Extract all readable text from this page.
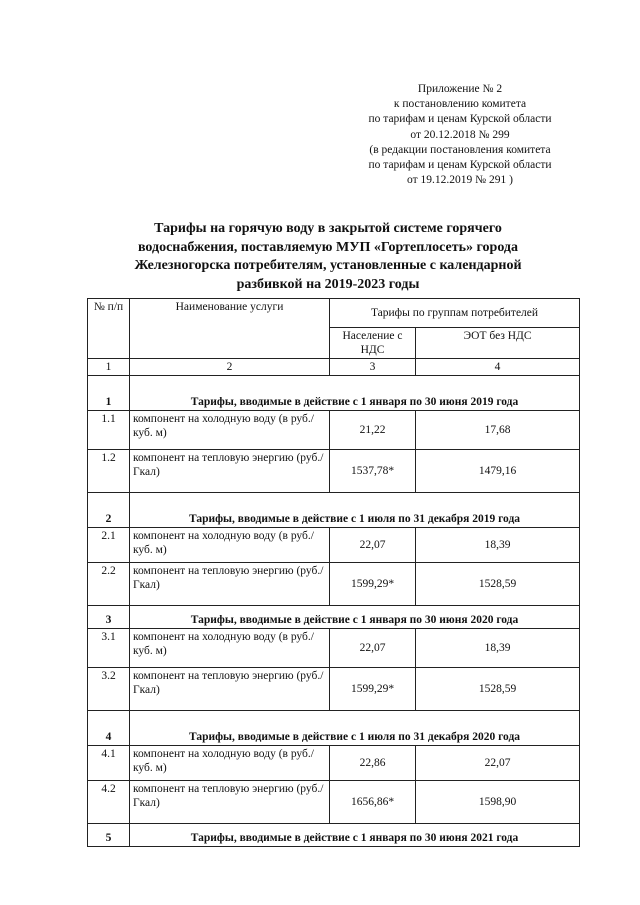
Приложение № 2
к постановлению комитета
по тарифам и ценам Курской области
от 20.12.2018 № 299
(в редакции постановления комитета
по тарифам и ценам Курской области
от 19.12.2019 № 291 )
Тарифы на горячую воду в закрытой системе горячего
водоснабжения, поставляемую МУП «Гортеплосеть» города
Железногорска потребителям, установленные с календарной
разбивкой на 2019-2023 годы
№ п/п	Наименование услуги	Тарифы по группам потребителей	
		Население с НДС	ЭОТ без НДС
1	2	3	4
1	Тарифы, вводимые в действие с 1 января по 30 июня 2019 года		
1.1	компонент на холодную воду (в руб./куб. м)	21,22	17,68
1.2	компонент на тепловую энергию (руб./Гкал)	1537,78*	1479,16
2	Тарифы, вводимые в действие с 1 июля по 31 декабря 2019 года		
2.1	компонент на холодную воду (в руб./куб. м)	22,07	18,39
2.2	компонент на тепловую энергию (руб./Гкал)	1599,29*	1528,59
3	Тарифы, вводимые в действие с 1 января по 30 июня 2020 года		
3.1	компонент на холодную воду (в руб./куб. м)	22,07	18,39
3.2	компонент на тепловую энергию (руб./Гкал)	1599,29*	1528,59
4	Тарифы, вводимые в действие с 1 июля по 31 декабря 2020 года		
4.1	компонент на холодную воду (в руб./куб. м)	22,86	22,07
4.2	компонент на тепловую энергию (руб./Гкал)	1656,86*	1598,90
5	Тарифы, вводимые в действие с 1 января по 30 июня 2021 года		
